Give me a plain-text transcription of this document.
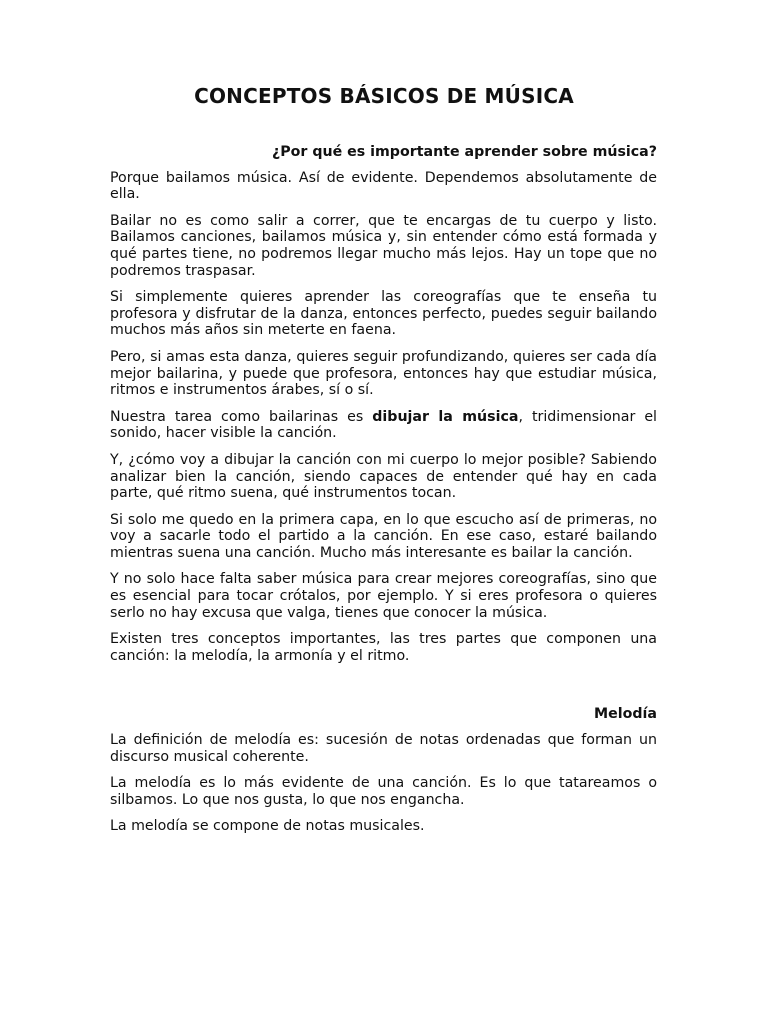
CONCEPTOS BÁSICOS DE MÚSICA

¿Por qué es importante aprender sobre música?

Porque bailamos música. Así de evidente. Dependemos absolutamente de ella.

Bailar no es como salir a correr, que te encargas de tu cuerpo y listo. Bailamos canciones, bailamos música y, sin entender cómo está formada y qué partes tiene, no podremos llegar mucho más lejos. Hay un tope que no podremos traspasar.

Si simplemente quieres aprender las coreografías que te enseña tu profesora y disfrutar de la danza, entonces perfecto, puedes seguir bailando muchos más años sin meterte en faena.

Pero, si amas esta danza, quieres seguir profundizando, quieres ser cada día mejor bailarina, y puede que profesora, entonces hay que estudiar música, ritmos e instrumentos árabes, sí o sí.

Nuestra tarea como bailarinas es dibujar la música, tridimensionar el sonido, hacer visible la canción.

Y, ¿cómo voy a dibujar la canción con mi cuerpo lo mejor posible? Sabiendo analizar bien la canción, siendo capaces de entender qué hay en cada parte, qué ritmo suena, qué instrumentos tocan.

Si solo me quedo en la primera capa, en lo que escucho así de primeras, no voy a sacarle todo el partido a la canción. En ese caso, estaré bailando mientras suena una canción. Mucho más interesante es bailar la canción.

Y no solo hace falta saber música para crear mejores coreografías, sino que es esencial para tocar crótalos, por ejemplo. Y si eres profesora o quieres serlo no hay excusa que valga, tienes que conocer la música.

Existen tres conceptos importantes, las tres partes que componen una canción: la melodía, la armonía y el ritmo.

Melodía

La definición de melodía es: sucesión de notas ordenadas que forman un discurso musical coherente.

La melodía es lo más evidente de una canción. Es lo que tatareamos o silbamos. Lo que nos gusta, lo que nos engancha.

La melodía se compone de notas musicales.
